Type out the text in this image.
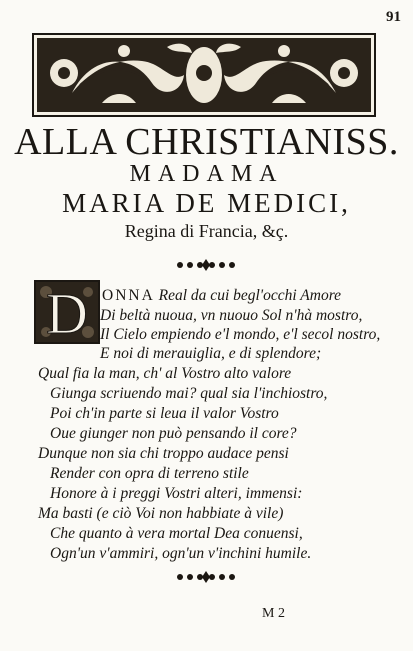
91
ALLA CHRISTIANISS.
MADAMA
MARIA DE MEDICI,
Regina di Francia, &ç.
D ONNA Real da cui begl'occhi Amore
Di beltà nuoua, vn nuouo Sol n'hà mostro,
Il Cielo empiendo e'l mondo, e'l secol nostro,
E noi di merauiglia, e di splendore;
Qual fia la man, ch' al Vostro alto valore
Giunga scriuendo mai? qual sia l'inchiostro,
Poi ch'in parte si leua il valor Vostro
Oue giunger non può pensando il core?
Dunque non sia chi troppo audace pensi
Render con opra di terreno stile
Honore à i preggi Vostri alteri, immensi:
Ma basti (e ciò Voi non habbiate à vile)
Che quanto à vera mortal Dea conuensi,
Ogn'un v'ammiri, ogn'un v'inchini humile.
M 2
